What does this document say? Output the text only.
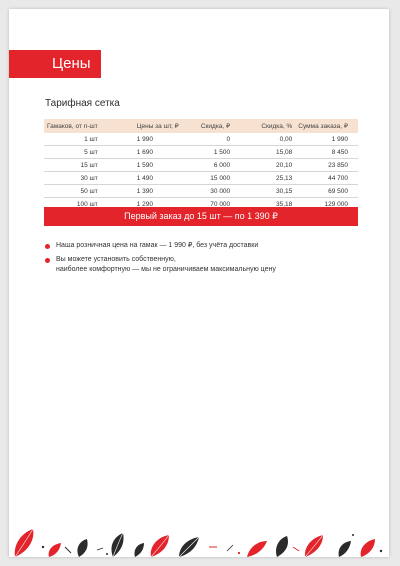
Цены
Тарифная сетка
Гамаков, от n-шт	Цены за шт, ₽	Скидка, ₽	Скидка, %	Сумма заказа, ₽
1 шт	1 990	0	0,00	1 990
5 шт	1 690	1 500	15,08	8 450
15 шт	1 590	6 000	20,10	23 850
30 шт	1 490	15 000	25,13	44 700
50 шт	1 390	30 000	30,15	69 500
100 шт	1 290	70 000	35,18	129 000
Первый заказ до 15 шт — по 1 390 ₽
Наша розничная цена на гамак — 1 990 ₽, без учёта доставки
Вы можете установить собственную,
наиболее комфортную — мы не ограничиваем максимальную цену
